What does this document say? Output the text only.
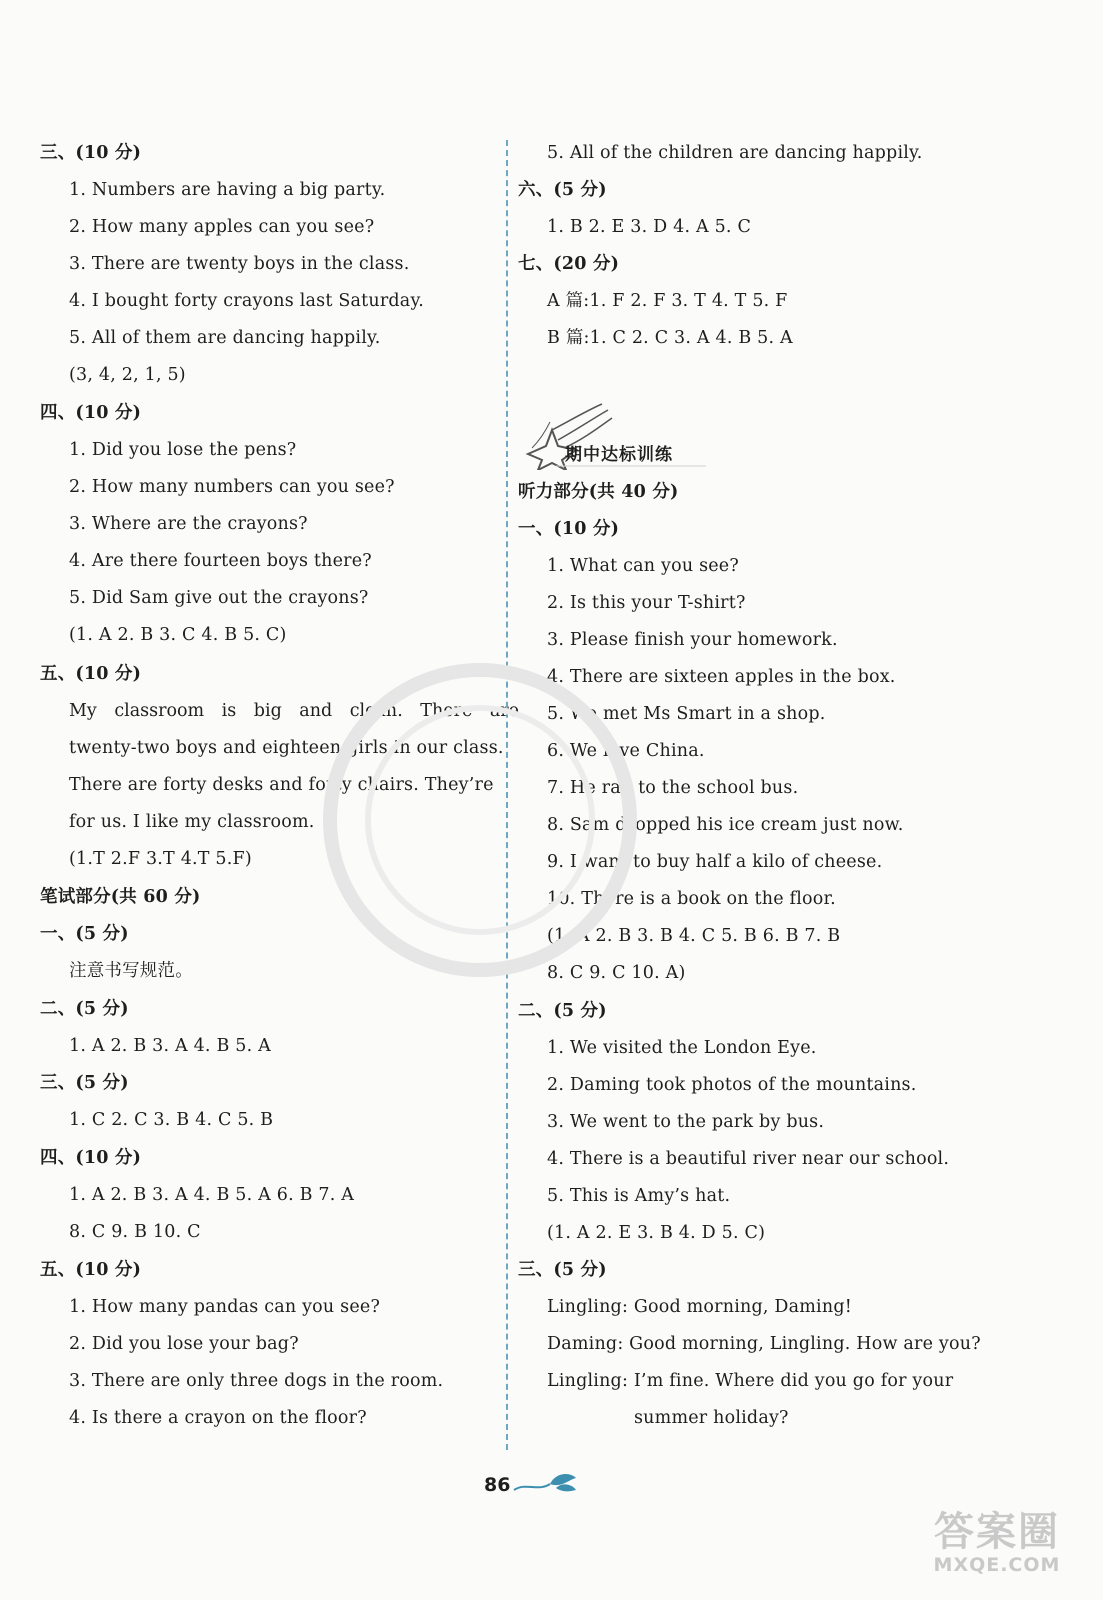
三、(10 分)
1. Numbers are having a big party.
2. How many apples can you see?
3. There are twenty boys in the class.
4. I bought forty crayons last Saturday.
5. All of them are dancing happily.
(3, 4, 2, 1, 5)
四、(10 分)
1. Did you lose the pens?
2. How many numbers can you see?
3. Where are the crayons?
4. Are there fourteen boys there?
5. Did Sam give out the crayons?
(1. A 2. B 3. C 4. B 5. C)
五、(10 分)
My classroom is big and clean. There are
twenty-two boys and eighteen girls in our class.
There are forty desks and forty chairs. They’re
for us. I like my classroom.
(1.T 2.F 3.T 4.T 5.F)
笔试部分(共 60 分)
一、(5 分)
注意书写规范。
二、(5 分)
1. A 2. B 3. A 4. B 5. A
三、(5 分)
1. C 2. C 3. B 4. C 5. B
四、(10 分)
1. A 2. B 3. A 4. B 5. A 6. B 7. A
8. C 9. B 10. C
五、(10 分)
1. How many pandas can you see?
2. Did you lose your bag?
3. There are only three dogs in the room.
4. Is there a crayon on the floor?
5. All of the children are dancing happily.
六、(5 分)
1. B 2. E 3. D 4. A 5. C
七、(20 分)
A 篇:1. F 2. F 3. T 4. T 5. F
B 篇:1. C 2. C 3. A 4. B 5. A
听力部分(共 40 分)
一、(10 分)
1. What can you see?
2. Is this your T-shirt?
3. Please finish your homework.
4. There are sixteen apples in the box.
5. We met Ms Smart in a shop.
6. We love China.
7. He ran to the school bus.
8. Sam dropped his ice cream just now.
9. I want to buy half a kilo of cheese.
10. There is a book on the floor.
(1. A 2. B 3. B 4. C 5. B 6. B 7. B
8. C 9. C 10. A)
二、(5 分)
1. We visited the London Eye.
2. Daming took photos of the mountains.
3. We went to the park by bus.
4. There is a beautiful river near our school.
5. This is Amy’s hat.
(1. A 2. E 3. B 4. D 5. C)
三、(5 分)
Lingling: Good morning, Daming!
Daming: Good morning, Lingling. How are you?
Lingling: I’m fine. Where did you go for your
summer holiday?
期中达标训练
86
答案圈
MXQE.COM
